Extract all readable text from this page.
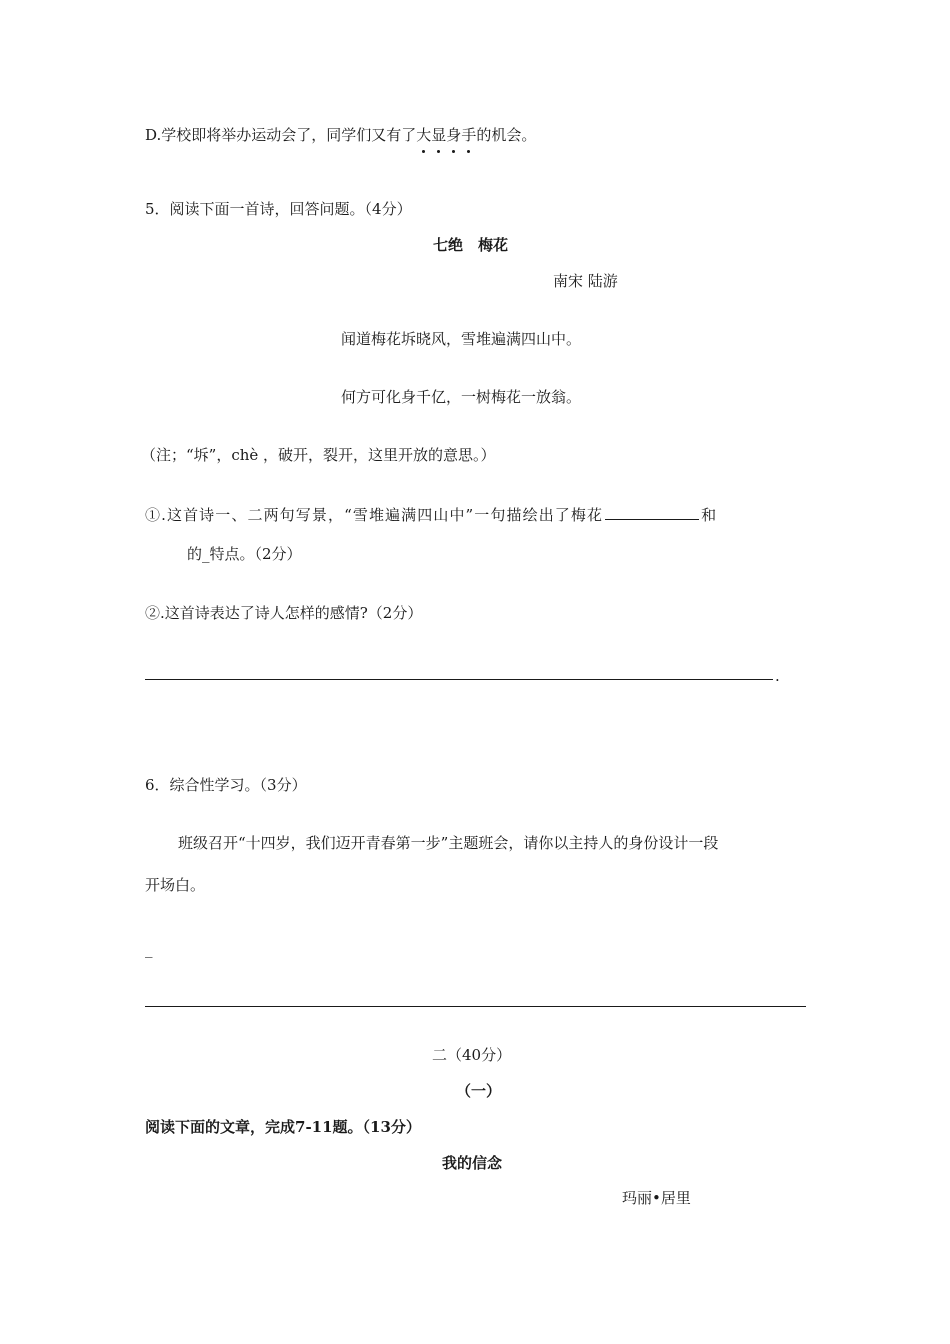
D.学校即将举办运动会了，同学们又有了大显身手的机会。
5．阅读下面一首诗，回答问题。（4分）
七绝　梅花
南宋 陆游
闻道梅花坼晓风，雪堆遍满四山中。
何方可化身千亿，一树梅花一放翁。
（注；“坼”，chè ，破开，裂开，这里开放的意思。）
①.这首诗一、二两句写景，“雪堆遍满四山中”一句描绘出了梅花	和
的_特点。（2分）
②.这首诗表达了诗人怎样的感情?（2分）
.
6．综合性学习。（3分）
班级召开“十四岁，我们迈开青春第一步”主题班会，请你以主持人的身份设计一段
开场白。
_
二（40分）
（一）
阅读下面的文章，完成7-11题。（13分）
我的信念
玛丽•居里
